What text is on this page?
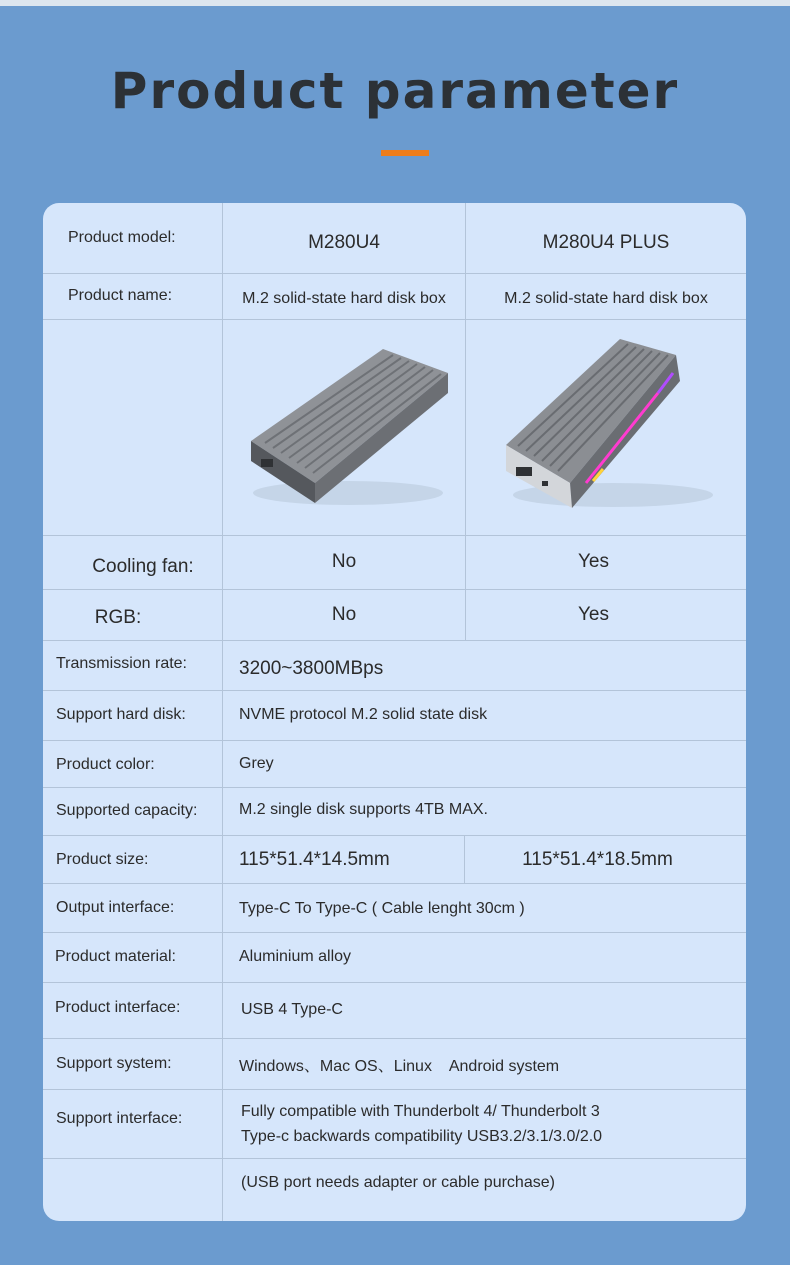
Product parameter
Product model:	M280U4	M280U4 PLUS
Product name:	M.2 solid-state hard disk box	M.2 solid-state hard disk box
Cooling fan:	No	Yes
RGB:	No	Yes
Transmission rate:	3200~3800MBps
Support hard disk:	NVME protocol M.2 solid state disk
Product color:	Grey
Supported capacity:	M.2 single disk supports 4TB MAX.
Product size:	115*51.4*14.5mm	115*51.4*18.5mm
Output interface:	Type-C To Type-C ( Cable lenght 30cm )
Product material:	Aluminium alloy
Product interface:	USB 4 Type-C
Support system:	Windows、Mac OS、Linux    Android system
Support interface:	Fully compatible with Thunderbolt 4/ Thunderbolt 3
Type-c backwards compatibility USB3.2/3.1/3.0/2.0
(USB port needs adapter or cable purchase)
